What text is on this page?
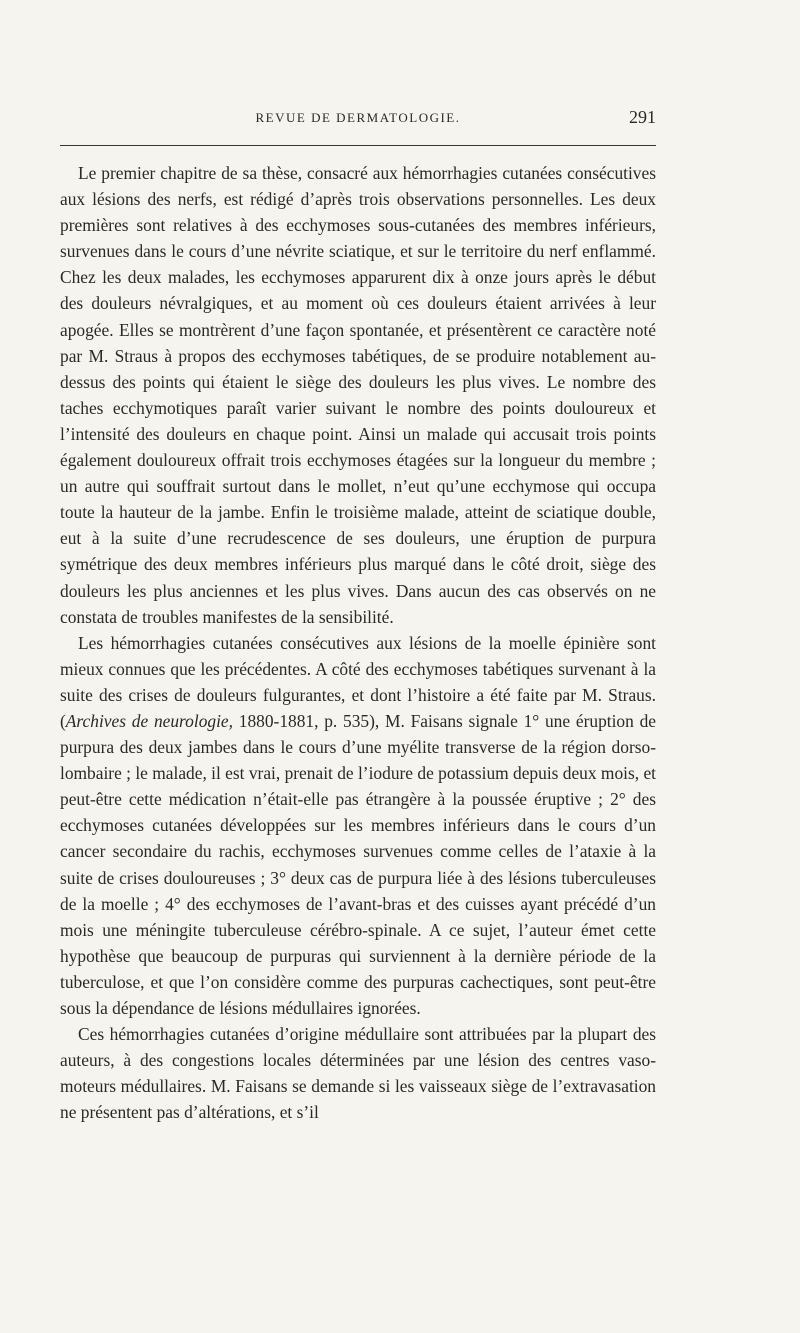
REVUE DE DERMATOLOGIE.	291

Le premier chapitre de sa thèse, consacré aux hémorrhagies cutanées consécutives aux lésions des nerfs, est rédigé d’après trois observations personnelles. Les deux premières sont relatives à des ecchymoses sous-cutanées des membres inférieurs, survenues dans le cours d’une névrite sciatique, et sur le territoire du nerf enflammé. Chez les deux malades, les ecchymoses apparurent dix à onze jours après le début des douleurs névralgiques, et au moment où ces douleurs étaient arrivées à leur apogée. Elles se montrèrent d’une façon spontanée, et présentèrent ce caractère noté par M. Straus à propos des ecchymoses tabétiques, de se produire notablement au-dessus des points qui étaient le siège des douleurs les plus vives. Le nombre des taches ecchymotiques paraît varier suivant le nombre des points douloureux et l’intensité des douleurs en chaque point. Ainsi un malade qui accusait trois points également douloureux offrait trois ecchymoses étagées sur la longueur du membre ; un autre qui souffrait surtout dans le mollet, n’eut qu’une ecchymose qui occupa toute la hauteur de la jambe. Enfin le troisième malade, atteint de sciatique double, eut à la suite d’une recrudescence de ses douleurs, une éruption de purpura symétrique des deux membres inférieurs plus marqué dans le côté droit, siège des douleurs les plus anciennes et les plus vives. Dans aucun des cas observés on ne constata de troubles manifestes de la sensibilité.

Les hémorrhagies cutanées consécutives aux lésions de la moelle épinière sont mieux connues que les précédentes. A côté des ecchymoses tabétiques survenant à la suite des crises de douleurs fulgurantes, et dont l’histoire a été faite par M. Straus. (Archives de neurologie, 1880-1881, p. 535), M. Faisans signale 1° une éruption de purpura des deux jambes dans le cours d’une myélite transverse de la région dorso-lombaire ; le malade, il est vrai, prenait de l’iodure de potassium depuis deux mois, et peut-être cette médication n’était-elle pas étrangère à la poussée éruptive ; 2° des ecchymoses cutanées développées sur les membres inférieurs dans le cours d’un cancer secondaire du rachis, ecchymoses survenues comme celles de l’ataxie à la suite de crises douloureuses ; 3° deux cas de purpura liée à des lésions tuberculeuses de la moelle ; 4° des ecchymoses de l’avant-bras et des cuisses ayant précédé d’un mois une méningite tuberculeuse cérébro-spinale. A ce sujet, l’auteur émet cette hypothèse que beaucoup de purpuras qui surviennent à la dernière période de la tuberculose, et que l’on considère comme des purpuras cachectiques, sont peut-être sous la dépendance de lésions médullaires ignorées.

Ces hémorrhagies cutanées d’origine médullaire sont attribuées par la plupart des auteurs, à des congestions locales déterminées par une lésion des centres vaso-moteurs médullaires. M. Faisans se demande si les vaisseaux siège de l’extravasation ne présentent pas d’altérations, et s’il
